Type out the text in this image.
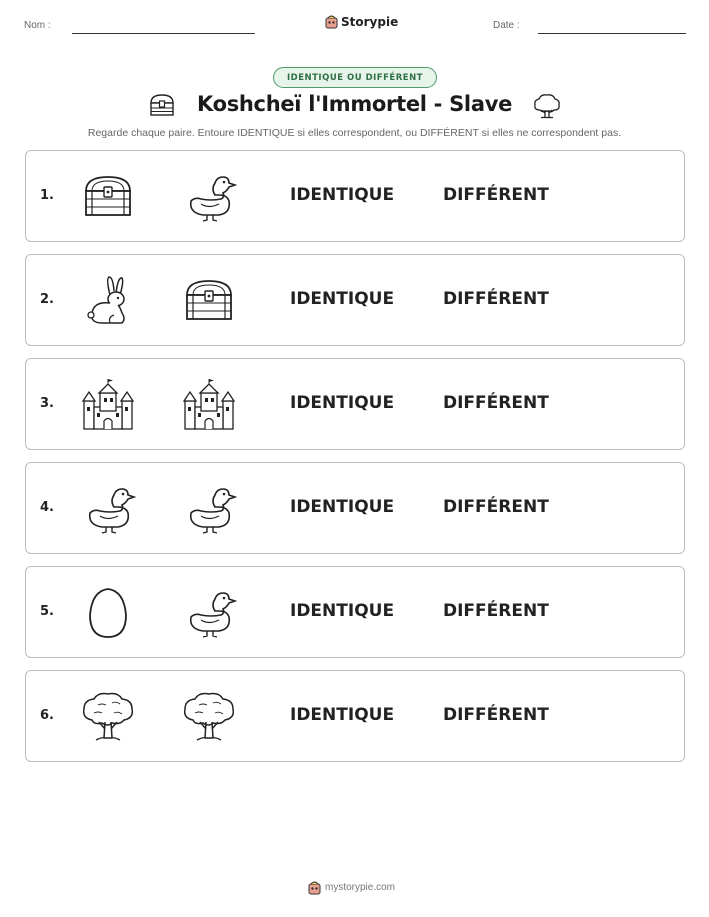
Nom :	Storypie	Date :
IDENTIQUE OU DIFFÉRENT
Koshcheï l'Immortel - Slave
Regarde chaque paire. Entoure IDENTIQUE si elles correspondent, ou DIFFÉRENT si elles ne correspondent pas.
1.	IDENTIQUE	DIFFÉRENT
2.	IDENTIQUE	DIFFÉRENT
3.	IDENTIQUE	DIFFÉRENT
4.	IDENTIQUE	DIFFÉRENT
5.	IDENTIQUE	DIFFÉRENT
6.	IDENTIQUE	DIFFÉRENT
mystorypie.com
